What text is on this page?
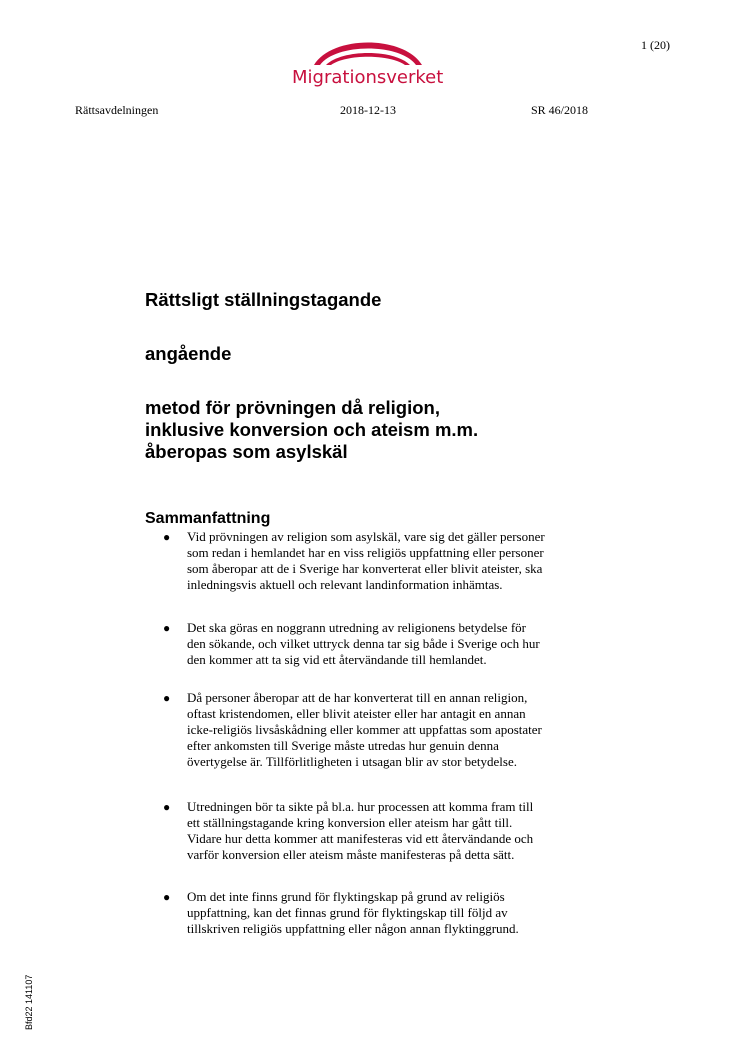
1 (20)
Migrationsverket
Rättsavdelningen	2018-12-13	SR 46/2018
Rättsligt ställningstagande
angående
metod för prövningen då religion,
inklusive konversion och ateism m.m.
åberopas som asylskäl
Sammanfattning
● Vid prövningen av religion som asylskäl, vare sig det gäller personer
som redan i hemlandet har en viss religiös uppfattning eller personer
som åberopar att de i Sverige har konverterat eller blivit ateister, ska
inledningsvis aktuell och relevant landinformation inhämtas.
● Det ska göras en noggrann utredning av religionens betydelse för
den sökande, och vilket uttryck denna tar sig både i Sverige och hur
den kommer att ta sig vid ett återvändande till hemlandet.
● Då personer åberopar att de har konverterat till en annan religion,
oftast kristendomen, eller blivit ateister eller har antagit en annan
icke-religiös livsåskådning eller kommer att uppfattas som apostater
efter ankomsten till Sverige måste utredas hur genuin denna
övertygelse är. Tillförlitligheten i utsagan blir av stor betydelse.
● Utredningen bör ta sikte på bl.a. hur processen att komma fram till
ett ställningstagande kring konversion eller ateism har gått till.
Vidare hur detta kommer att manifesteras vid ett återvändande och
varför konversion eller ateism måste manifesteras på detta sätt.
● Om det inte finns grund för flyktingskap på grund av religiös
uppfattning, kan det finnas grund för flyktingskap till följd av
tillskriven religiös uppfattning eller någon annan flyktinggrund.
Bfd22 141107
